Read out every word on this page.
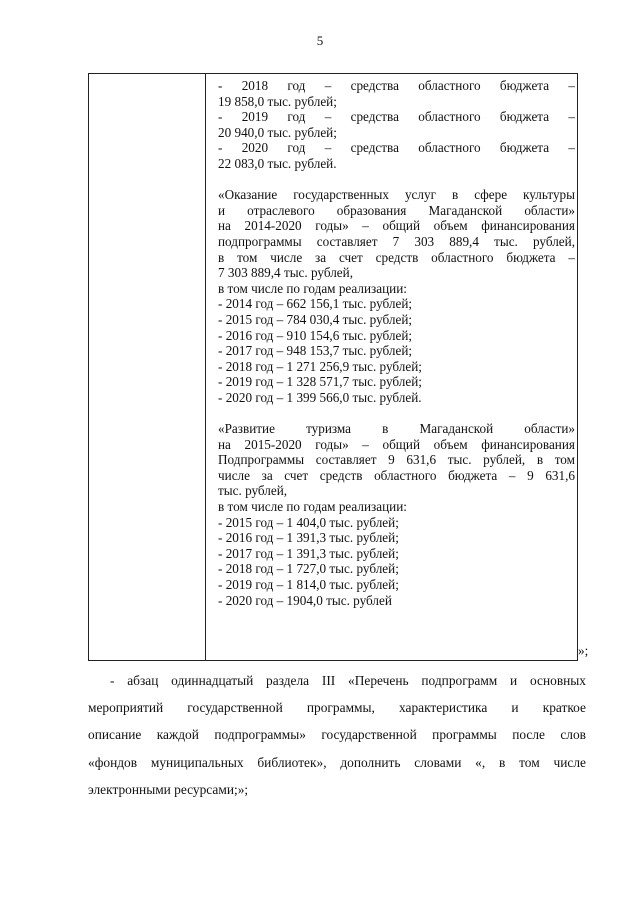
5
- 2018 год – средства областного бюджета –
19 858,0 тыс. рублей;
- 2019 год – средства областного бюджета –
20 940,0 тыс. рублей;
- 2020 год – средства областного бюджета –
22 083,0 тыс. рублей.
«Оказание государственных услуг в сфере культуры
и отраслевого образования Магаданской области»
на 2014-2020 годы» – общий объем финансирования
подпрограммы составляет 7 303 889,4 тыс. рублей,
в том числе за счет средств областного бюджета –
7 303 889,4 тыс. рублей,
в том числе по годам реализации:
- 2014 год – 662 156,1 тыс. рублей;
- 2015 год – 784 030,4 тыс. рублей;
- 2016 год – 910 154,6 тыс. рублей;
- 2017 год – 948 153,7 тыс. рублей;
- 2018 год – 1 271 256,9 тыс. рублей;
- 2019 год – 1 328 571,7 тыс. рублей;
- 2020 год – 1 399 566,0 тыс. рублей.
«Развитие туризма в Магаданской области»
на 2015-2020 годы» – общий объем финансирования
Подпрограммы составляет 9 631,6 тыс. рублей, в том
числе за счет средств областного бюджета – 9 631,6
тыс. рублей,
в том числе по годам реализации:
- 2015 год – 1 404,0 тыс. рублей;
- 2016 год – 1 391,3 тыс. рублей;
- 2017 год – 1 391,3 тыс. рублей;
- 2018 год – 1 727,0 тыс. рублей;
- 2019 год – 1 814,0 тыс. рублей;
- 2020 год – 1904,0 тыс. рублей
»;
- абзац одиннадцатый раздела III «Перечень подпрограмм и основных
мероприятий государственной программы, характеристика и краткое
описание каждой подпрограммы» государственной программы после слов
«фондов муниципальных библиотек», дополнить словами «, в том числе
электронными ресурсами;»;
